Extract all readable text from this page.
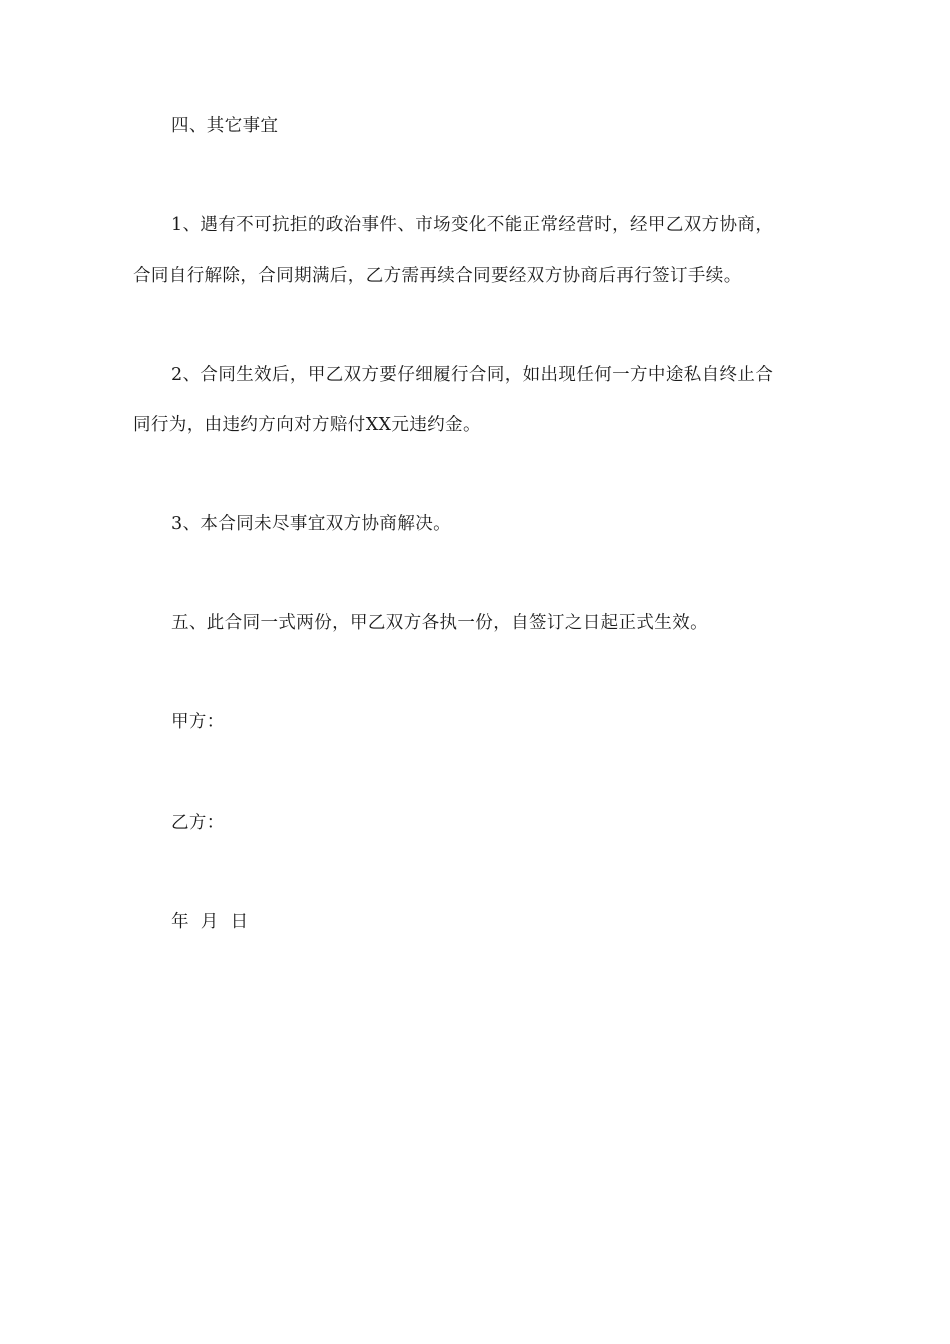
四、其它事宜
1、遇有不可抗拒的政治事件、市场变化不能正常经营时，经甲乙双方协商，
合同自行解除，合同期满后，乙方需再续合同要经双方协商后再行签订手续。
2、合同生效后，甲乙双方要仔细履行合同，如出现任何一方中途私自终止合
同行为，由违约方向对方赔付XX元违约金。
3、本合同未尽事宜双方协商解决。
五、此合同一式两份，甲乙双方各执一份，自签订之日起正式生效。
甲方：
乙方：
年  月  日
